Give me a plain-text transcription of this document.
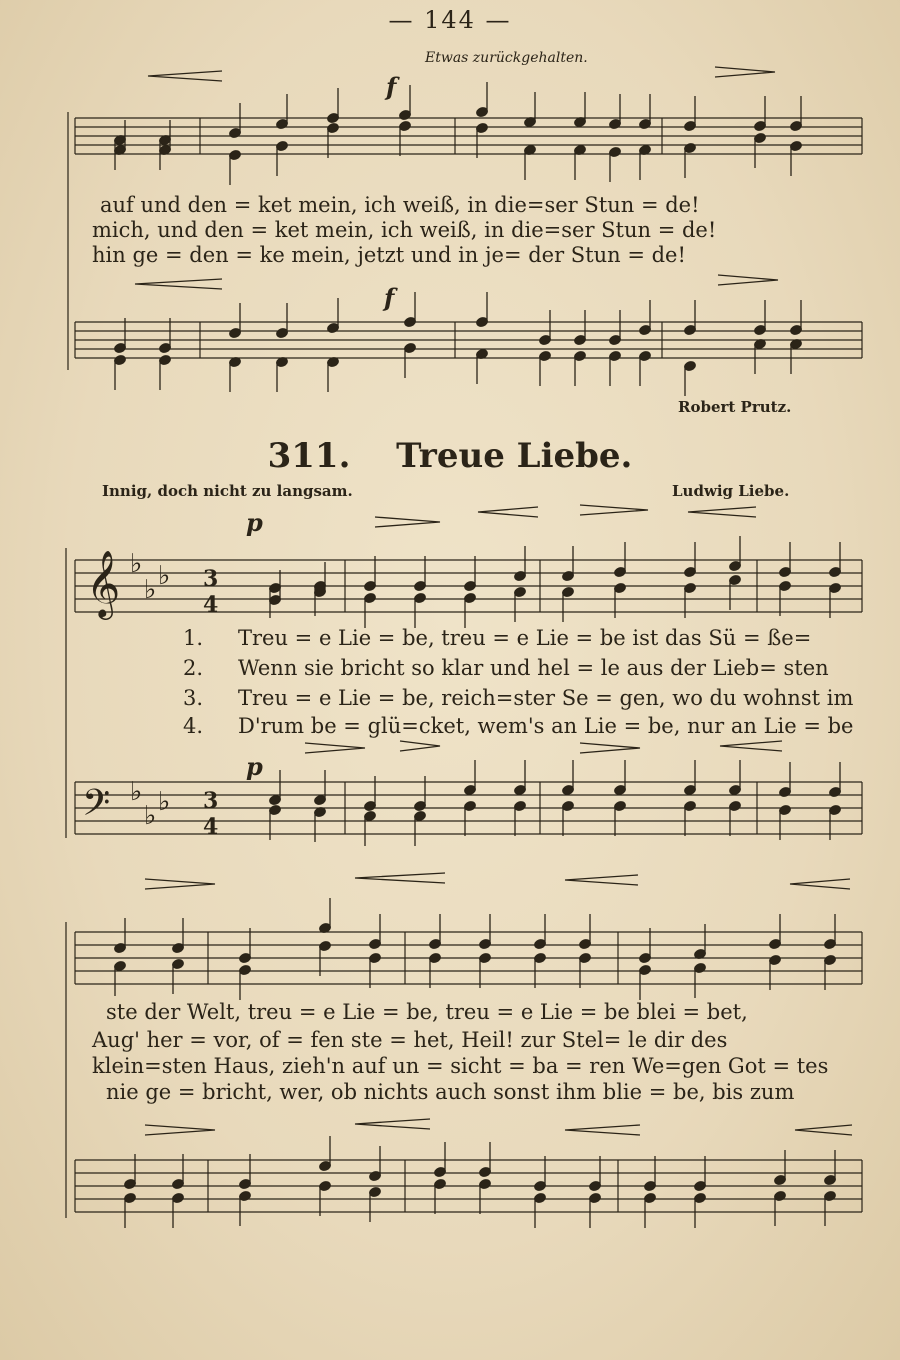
— 144 —
Etwas zurückgehalten.
𝄞
𝄢
♭
♭
♭
♭
♭
♭
3
4
3
4
f
f
auf und den = ket mein, ich weiß, in die=ser Stun = de!
mich, und den = ket mein, ich weiß, in die=ser Stun = de!
hin ge = den = ke mein, jetzt und in je= der Stun = de!
Robert Prutz.
311. Treue Liebe.
Innig, doch nicht zu langsam.	Ludwig Liebe.
p
p
1.
2.
3.
4.
Treu = e Lie = be, treu = e Lie = be ist das Sü = ße=
Wenn sie bricht so klar und hel = le aus der Lieb= sten
Treu = e Lie = be, reich=ster Se = gen, wo du wohnst im
D'rum be = glü=cket, wem's an Lie = be, nur an Lie = be
ste der Welt, treu = e Lie = be, treu = e Lie = be blei = bet,
Aug' her = vor, of = fen ste = het, Heil! zur Stel= le dir des
klein=sten Haus, zieh'n auf un = sicht = ba = ren We=gen Got = tes
nie ge = bricht, wer, ob nichts auch sonst ihm blie = be, bis zum
